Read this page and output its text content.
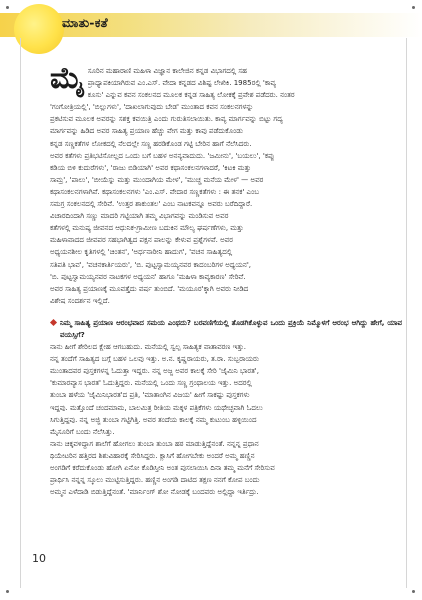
ಮಾತು-ಕತೆ
ಮೈ ಸೂರಿನ ಮಹಾರಾಣಿ ಮಹಿಳಾ ವಿಜ್ಞಾನ ಕಾಲೇಜಿನ ಕನ್ನಡ ವಿಭಾಗದಲ್ಲಿ ಸಹ
ಪ್ರಾಧ್ಯಾಪಕಿಯಾಗಿರುವ ಎಂ.ಎಸ್. ವೇದಾ ಕನ್ನಡದ ವಿಶಿಷ್ಟ ಲೇಖಿಕಿ. 1985ರಲ್ಲಿ 'ಕಾವ್ಯ
ಕೂಸು' ಎನ್ನುವ ಕವನ ಸಂಕಲನದ ಮೂಲಕ ಕನ್ನಡ ಸಾಹಿತ್ಯ ಲೋಕಕ್ಕೆ ಪ್ರವೇಶ ಪಡೆದರು. ನಂತರ
'ಗಂಗೋತ್ರಿಯಲ್ಲಿ', 'ಬಿಲ್ಲುಗಳು', 'ದಾಖಲಾಗುವುದು ಬೇಡ' ಮುಂತಾದ ಕವನ ಸಂಕಲನಗಳನ್ನು
ಪ್ರಕಟಿಸುವ ಮೂಲಕ ಅವರನ್ನು ಸಶಕ್ತ ಕವಯಿತ್ರಿ ಎಂದು ಗುರುತಿಸಲಾಯಿತು. ಕಾವ್ಯ ಮಾರ್ಗವನ್ನು ಬಿಟ್ಟು ಗದ್ಯ
ಮಾರ್ಗವನ್ನು ಹಿಡಿದ ಅವರ ಸಾಹಿತ್ಯ ಪ್ರಯಾಣ ಹೆಚ್ಚು ವೇಗ ಮತ್ತು ಕಾವು ಪಡೆದುಕೊಂಡು
ಕನ್ನಡ ಸಣ್ಣಕತೆಗಳ ಲೋಕದಲ್ಲಿ ನೆಲದಲ್ಲೇ ಸಣ್ಣ ಹರಡಿಕೊಂಡ ಗಟ್ಟಿ ಬೇರಿನ ಹಾಗೆ ನೆಲೆಸಿದರು.
ಅವರ ಕತೆಗಳು ಪ್ರತಿಭಟಿಸೋಲ್ಲದ ಒಂದು ಬಗೆ ಬಹಳ ಅನನ್ಯವಾದುದು. 'ಜಮೀನು', 'ಬಯಲು', 'ಕಪ್ಪು
ಕಡಿಯ ಬಿಳಿ ಕುದುರೆಗಳು', 'ರಾಜು ಬಿಡಿಯಾಗಿ' ಅವರ ಕಥಾಸಂಕಲನಗಳಾದರೆ, 'ಕಿಟಕಿ ಮತ್ತು
ಸಾಮ್ರ', 'ಪಾಲು', 'ಬೀಯೆಸ್ನು ಮತ್ತು ಮುಂದಾಗಿಯ ಮೇಳ', 'ಮುಚ್ಚ ಮನೆಯ ಮೇಳ' — ಅವರ
ಕಥಾಸಂಕಲನಗಳಾಗಿವೆ. ಕಥಾಸಂಕಲನಗಳು 'ಎಂ.ಎಸ್. ವೇದಾರ ಸಣ್ಣಕತೆಗಳು : ಈ ತನಕ' ಎಂಬ
ಸಮಗ್ರ ಸಂಕಲನದಲ್ಲಿ ಸೇರಿವೆ. 'ಉತ್ತರ ಶಾಕುಂತಲ' ಎಂಬ ನಾಟಕವನ್ನೂ ಅವರು ಬರೆದಿದ್ದಾರೆ.
ವಿಚಾರದಿಂದಾಗಿ ಸಣ್ಣು ಮಾದರಿ ಗಟ್ಟಿಯಾಗಿ ತಮ್ಮ ವಿಭಾಗವನ್ನು ಮಂಡಿಸುವ ಅವರ
ಕತೆಗಳಲ್ಲಿ ಮನುಷ್ಯ ಜೀವನದ ಆಧುನಿಕ-ಗ್ರಾಮೀಣ ಬದುಕಿನ ಮೌಲ್ಯ ಘರ್ಷಣೆಗಳು, ಮತ್ತು
ಮಹಿಳಾವಾದದ ಜೀವಪರ ಸಹಭಾಗಿತ್ವದ ಪಕ್ಷನ ಪಾಲನ್ನು ಕೇಳುವ ಪ್ರಶ್ನೆಗಳವೆ. ಅವರ
ಅಧ್ಯಯನಶೀಲ ಕೃತಿಗಳಲ್ಲಿ 'ಚಿಂತನ', 'ಅರ್ಧನಾರೀನಿ ಹಾದುಗ', 'ವಚನ ಸಾಹಿತ್ಯದಲ್ಲಿ
ಸತಿಪತಿ ಭಾವ', 'ವಚನಕಾರ್ತಿಯರು', 'ಬಿ. ಪುಟ್ಟಸ್ವಾಮಯ್ಯನವರ ಕಾದಂಬರಿಗಳ ಅಧ್ಯಯನ',
'ಬಿ. ಪುಟ್ಟಸ್ವಾಮಯ್ಯನವರ ನಾಟಕಗಳ ಅಧ್ಯಯನ' ಹಾಗೂ 'ಮಹಿಳಾ ಕಾವ್ಯಕಾರಣ' ಸೇರಿವೆ.
ಅವರ ಸಾಹಿತ್ಯ ಪ್ರಯಾಣಕ್ಕೆ ಮೂವತ್ತೈದು ವರ್ಷ ತುಂಬಿದೆ. 'ಮಯೂರ'ಕ್ಕಾಗಿ ಅವರು ನೀಡಿದ
ವಿಶೇಷ ಸಂದರ್ಶನ ಇಲ್ಲಿದೆ.
ನಿಮ್ಮ ಸಾಹಿತ್ಯ ಪ್ರಯಾಣ ಆರಂಭವಾದ ಸಮಯ ಎಂಥದು? ಬರವಣಿಗೆಯಲ್ಲಿ ತೊಡಗಿಕೊಳ್ಳುವ ಒಂದು ಪ್ರಕ್ರಿಯೆ ನಿಮ್ಮೊಳಗೆ ಆರಂಭ ಆಗಿದ್ದು ಹೇಗೆ, ಯಾವ ವಯಸ್ಸಿಗೆ?
ನಾನು ಹೀಗೆ ಶೇರಿಲದ ಕ್ಷೇಹ ಆಗಬಹುದು. ಮನೆಯಲ್ಲಿ ಸ್ವಲ್ಪ ಸಾಹಿತ್ಯಕ ವಾತಾವರಣ ಇತ್ತು.
ನನ್ನ ತಂದೆಗೆ ಸಾಹಿತ್ಯದ ಬಗ್ಗೆ ಬಹಳ ಒಲವು ಇತ್ತು. ಅ.ನ. ಕೃಷ್ಣರಾಯರು, ತ.ರಾ. ಸುಬ್ಬರಾಯರು
ಮುಂತಾದವರ ಪುಸ್ತಕಗಳನ್ನ ಓದುತ್ತಾ ಇದ್ದರು. ನನ್ನ ಅಜ್ಜ ಅವರ ಕಾಲಕ್ಕೆ ಸೇರಿ 'ಜೈಮಿನಿ ಭಾರತ',
'ಕುಮಾರವ್ಯಾಸ ಭಾರತ' ಓದುತ್ತಿದ್ದರು. ಮನೆಯಲ್ಲಿ ಒಂದು ಸಣ್ಣ ಗ್ರಂಥಾಲಯ ಇತ್ತು. ಅದರಲ್ಲಿ
ತುಂಬಾ ಹಳೆಯ 'ಜೈಮಿನಿಭಾರತ'ದ ಪ್ರತಿ, 'ಮಾತಾಂಗಿನ ವಿಜಯ' ಹೀಗೆ ಸಾಕಷ್ಟು ಪುಸ್ತಕಗಳು
ಇದ್ದವು. ಮತ್ತೊಂದೆ ಚಂದಮಾಮ, ಬಾಲಮಿತ್ರ ರೀತಿಯ ಮಕ್ಕಳ ಪತ್ರಿಕೆಗಳು ಯಥೇಚ್ಛವಾಗಿ ಓದಲು
ಸಿಗುತ್ತಿದ್ದವು. ನನ್ನ ಅಜ್ಜಿ ತುಂಬಾ ಗಟ್ಟಿಗಿತ್ತಿ. ಅವರ ತಂದೆಯ ಕಾಲಕ್ಕೆ ನಮ್ಮ ಕುಟುಂಬ ಹಳ್ಳಿಯಿಂದ
ಮೈಸೂರಿಗೆ ಬಂದು ನೆಲೆಸಿತ್ತು.
ನಾನು ಚಿಕ್ಕವಳಿದ್ದಾಗ ಶಾಲೆಗೆ ಹೋಗಲು ತುಂಬಾ ತುಂಬಾ ಹಠ ಮಾಡುತ್ತಿದ್ದೆನಂತೆ. ನನ್ನನ್ನ ಪ್ರಧಾನ
ಥಿಯೇಟರಿನ ಹತ್ತಿರದ ಶಿಶುವಿಹಾರಕ್ಕೆ ಸೇರಿಸಿದ್ದರು. ಕ್ಲಾಸಿಗೆ ಹೋಗಬೇಕು ಅಂದರೆ ಅಮ್ಮ ಹಣ್ಣಿನ
ಅಂಗಡಿಗೆ ಕರೆದುಕೊಂಡು ಹೋಗಿ ಏನೋ ಕೊಡಿಸ್ತೀನಿ ಅಂತ ಪುಸಲಾಯಿಸಿ ದಿನಾ ತಮ್ಮ ಮನೆಗೆ ಸೇರಿಸುವ
ಪ್ರಾರ್ಥಿಸಿ ನನ್ನನ್ನ ಸ್ಕೂಲು ಮುಟ್ಟಿಸುತ್ತಿದ್ದರು. ಹಣ್ಣಿನ ಅಂಗಡಿ ದಾಟಿದ ತಕ್ಷಣ ನನಗೆ ಕೋಪ ಬಂದು
ಅಮ್ಮನ ಎಳೆದಾಡಿ ಬಿಡುತ್ತಿದ್ದೆನಂತೆ. 'ಮಾರ್ನಿಂಗ್ ಶೋ ನೋಡಕ್ಕೆ ಬಂದವರು ಅಲ್ಲಿದ್ದಾ ಇರ್ತಿದ್ರು.
10
